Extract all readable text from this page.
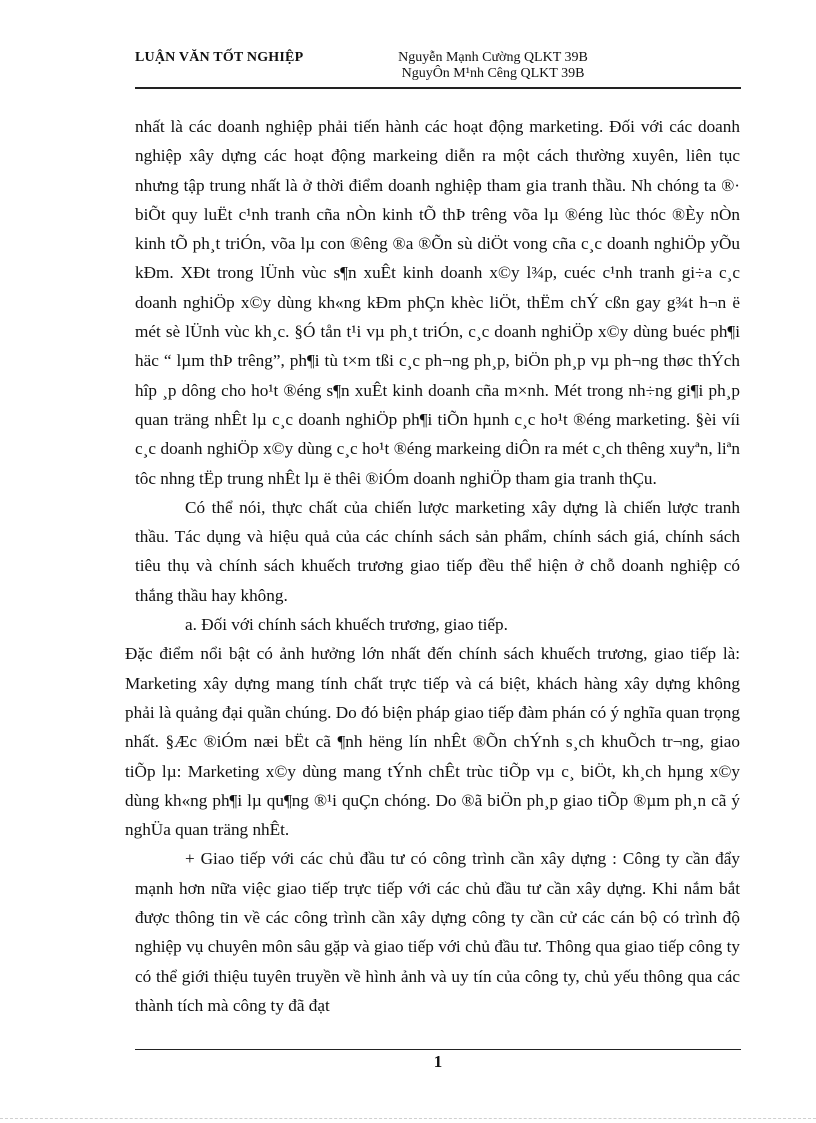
LUẬN VĂN TỐT NGHIỆP	Nguyễn Mạnh Cường QLKT 39B
NguyÔn M¹nh Cêng QLKT 39B

nhất là các doanh nghiệp phải tiến hành các hoạt động marketing. Đối với các doanh nghiệp xây dựng các hoạt động markeing diễn ra một cách thường xuyên, liên tục nhưng tập trung nhất là ở thời điểm doanh nghiệp tham gia tranh thầu. Nh chóng ta ®· biÕt quy luËt c¹nh tranh cña nÒn kinh tÕ thÞ trêng võa lµ ®éng lùc thóc ®Èy nÒn kinh tÕ ph¸t triÓn, võa lµ con ®êng ®a ®Õn sù diÖt vong cña c¸c doanh nghiÖp yÕu kÐm. XÐt trong lÜnh vùc s¶n xuÊt kinh doanh x©y l¾p, cuéc c¹nh tranh gi÷a c¸c doanh nghiÖp x©y dùng kh«ng kÐm phÇn khèc liÖt, thËm chÝ cßn gay g¾t h¬n ë mét sè lÜnh vùc kh¸c. §Ó tån t¹i vµ ph¸t triÓn, c¸c doanh nghiÖp x©y dùng buéc ph¶i häc “ lµm thÞ trêng”, ph¶i tù t×m tßi c¸c ph¬ng ph¸p, biÖn ph¸p vµ ph¬ng thøc thÝch hîp ¸p dông cho ho¹t ®éng s¶n xuÊt kinh doanh cña m×nh. Mét trong nh÷ng gi¶i ph¸p quan träng nhÊt lµ c¸c doanh nghiÖp ph¶i tiÕn hµnh c¸c ho¹t ®éng marketing. §èi víi c¸c doanh nghiÖp x©y dùng c¸c ho¹t ®éng markeing diÔn ra mét c¸ch thêng xuyªn, liªn tôc nhng tËp trung nhÊt lµ ë thêi ®iÓm doanh nghiÖp tham gia tranh thÇu.

Có thể nói, thực chất của chiến lược marketing xây dựng là chiến lược tranh thầu. Tác dụng và hiệu quả của các chính sách sản phẩm, chính sách giá, chính sách tiêu thụ và chính sách khuếch trương giao tiếp đều thể hiện ở chỗ doanh nghiệp có thắng thầu hay không.

a. Đối với chính sách khuếch trương, giao tiếp.

Đặc điểm nổi bật có ảnh hưởng lớn nhất đến chính sách khuếch trương, giao tiếp là: Marketing xây dựng mang tính chất trực tiếp và cá biệt, khách hàng xây dựng không phải là quảng đại quần chúng. Do đó biện pháp giao tiếp đàm phán có ý nghĩa quan trọng nhất. §Æc ®iÓm næi bËt cã ¶nh hëng lín nhÊt ®Õn chÝnh s¸ch khuÕch tr¬ng, giao tiÕp lµ: Marketing x©y dùng mang tÝnh chÊt trùc tiÕp vµ c¸ biÖt, kh¸ch hµng x©y dùng kh«ng ph¶i lµ qu¶ng ®¹i quÇn chóng. Do ®ã biÖn ph¸p giao tiÕp ®µm ph¸n cã ý nghÜa quan träng nhÊt.

+ Giao tiếp với các chủ đầu tư có công trình cần xây dựng : Công ty cần đẩy mạnh hơn nữa việc giao tiếp trực tiếp với các chủ đầu tư cần xây dựng. Khi nắm bắt được thông tin về các công trình cần xây dựng công ty cần cử các cán bộ có trình độ nghiệp vụ chuyên môn sâu gặp và giao tiếp với chủ đầu tư. Thông qua giao tiếp công ty có thể giới thiệu tuyên truyền về hình ảnh và uy tín của công ty, chủ yếu thông qua các thành tích mà công ty đã đạt

1
